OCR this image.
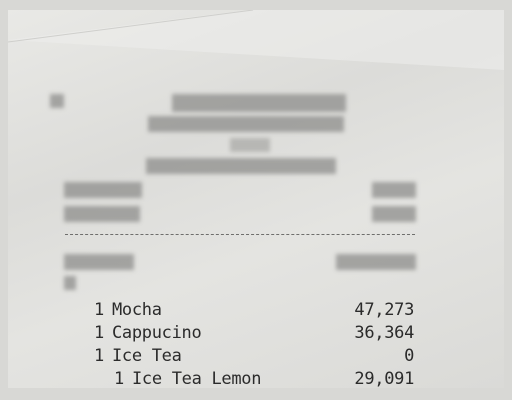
1 Mocha	47,273
1 Cappucino	36,364
1 Ice Tea	0
1 Ice Tea Lemon	29,091
